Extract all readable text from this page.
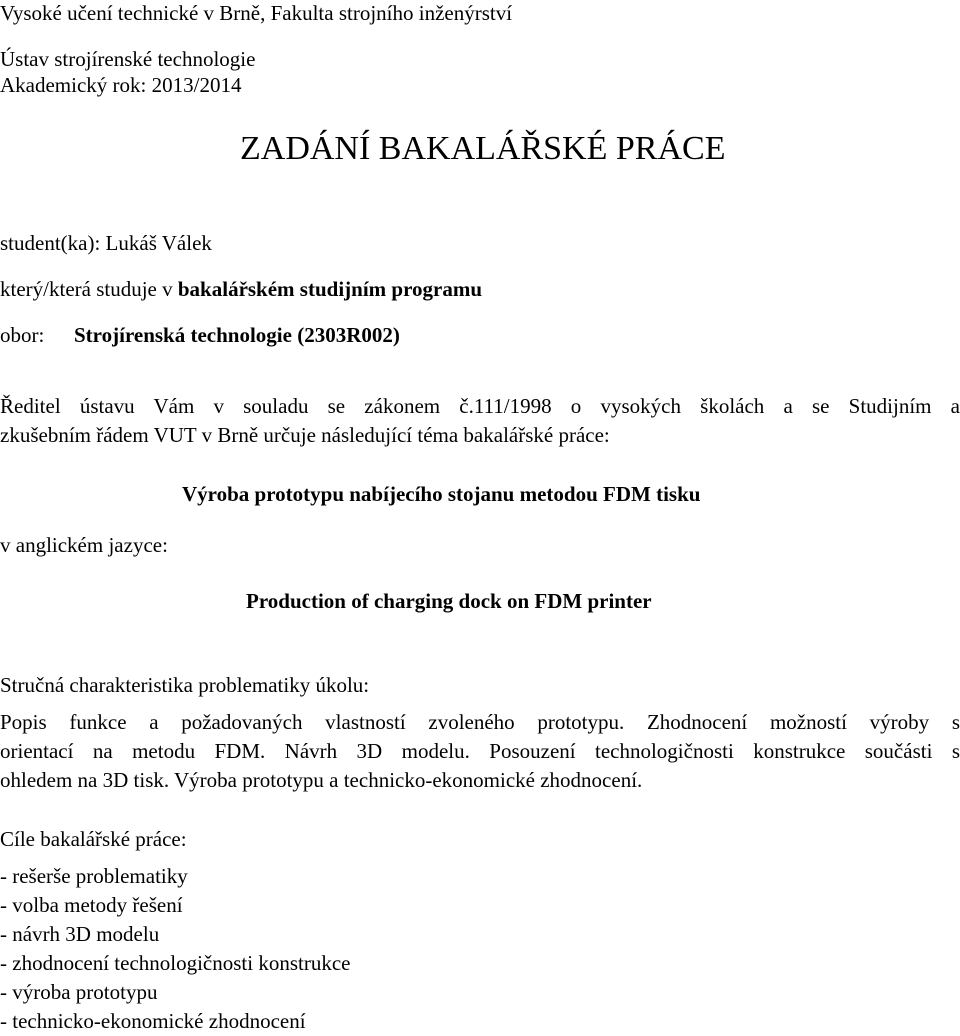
Vysoké učení technické v Brně, Fakulta strojního inženýrství
Ústav strojírenské technologie
Akademický rok: 2013/2014
ZADÁNÍ BAKALÁŘSKÉ PRÁCE
student(ka): Lukáš Válek
který/která studuje v bakalářském studijním programu
obor: Strojírenská technologie (2303R002)
Ředitel ústavu Vám v souladu se zákonem č.111/1998 o vysokých školách a se Studijním a
zkušebním řádem VUT v Brně určuje následující téma bakalářské práce:
Výroba prototypu nabíjecího stojanu metodou FDM tisku
v anglickém jazyce:
Production of charging dock on FDM printer
Stručná charakteristika problematiky úkolu:
Popis funkce a požadovaných vlastností zvoleného prototypu. Zhodnocení možností výroby s
orientací na metodu FDM. Návrh 3D modelu. Posouzení technologičnosti konstrukce součásti s
ohledem na 3D tisk. Výroba prototypu a technicko-ekonomické zhodnocení.
Cíle bakalářské práce:
- rešerše problematiky
- volba metody řešení
- návrh 3D modelu
- zhodnocení technologičnosti konstrukce
- výroba prototypu
- technicko-ekonomické zhodnocení
